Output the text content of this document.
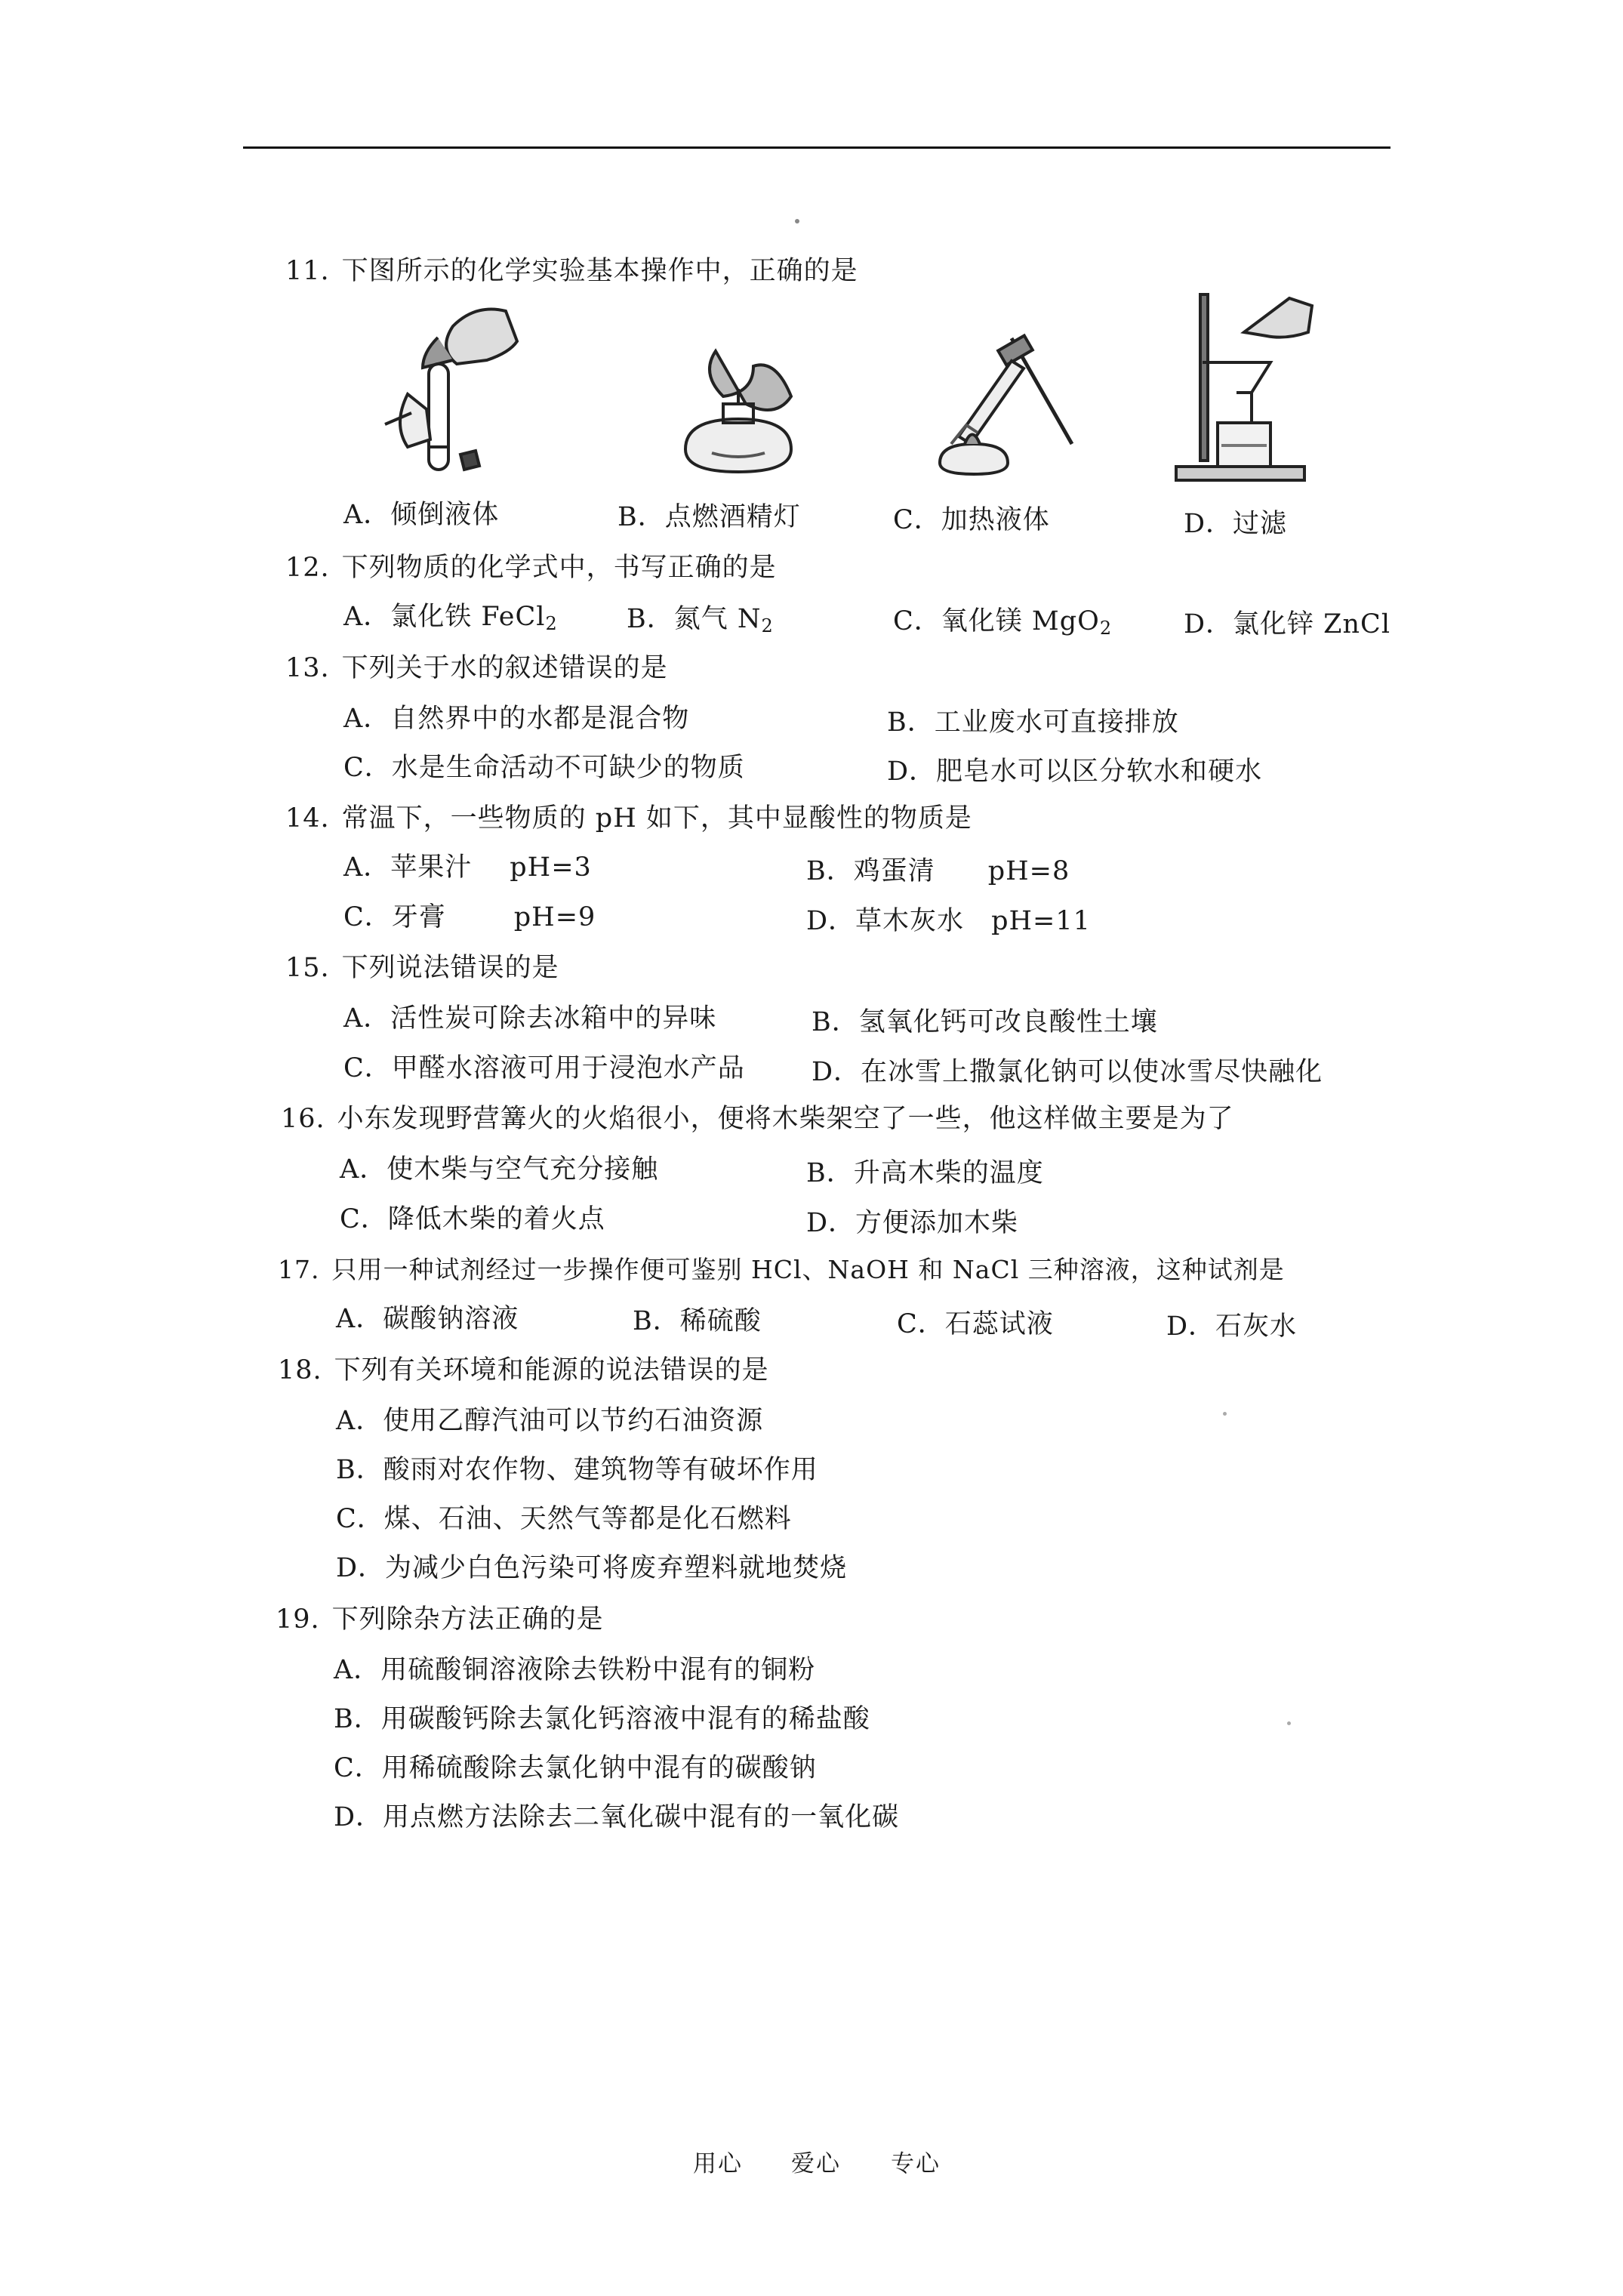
11. 下图所示的化学实验基本操作中，正确的是
A．倾倒液体	B．点燃酒精灯	C．加热液体	D．过滤
12. 下列物质的化学式中，书写正确的是
A．氯化铁 FeCl$_2$	B．氮气 $N_2$	C．氧化镁 MgO$_2$	D．氯化锌 ZnCl
13. 下列关于水的叙述错误的是
A．自然界中的水都是混合物	B．工业废水可直接排放
C．水是生命活动不可缺少的物质	D．肥皂水可以区分软水和硬水
14. 常温下，一些物质的 pH 如下，其中显酸性的物质是
A．苹果汁 pH=3	B．鸡蛋清 pH=8
C．牙膏	pH=9	D．草木灰水 pH=11
15. 下列说法错误的是
A．活性炭可除去冰箱中的异味	B．氢氧化钙可改良酸性土壤
C．甲醛水溶液可用于浸泡水产品	D．在冰雪上撒氯化钠可以使冰雪尽快融化
16. 小东发现野营篝火的火焰很小，便将木柴架空了一些，他这样做主要是为了
A．使木柴与空气充分接触	B．升高木柴的温度
C．降低木柴的着火点	D．方便添加木柴
17. 只用一种试剂经过一步操作便可鉴别 HCl、NaOH 和 NaCl 三种溶液，这种试剂是
A．碳酸钠溶液	B．稀硫酸	C．石蕊试液	D．石灰水
18. 下列有关环境和能源的说法错误的是
A．使用乙醇汽油可以节约石油资源
B．酸雨对农作物、建筑物等有破坏作用
C．煤、石油、天然气等都是化石燃料
D．为减少白色污染可将废弃塑料就地焚烧
19. 下列除杂方法正确的是
A．用硫酸铜溶液除去铁粉中混有的铜粉
B．用碳酸钙除去氯化钙溶液中混有的稀盐酸
C．用稀硫酸除去氯化钠中混有的碳酸钠
D．用点燃方法除去二氧化碳中混有的一氧化碳
用心 爱心 专心
